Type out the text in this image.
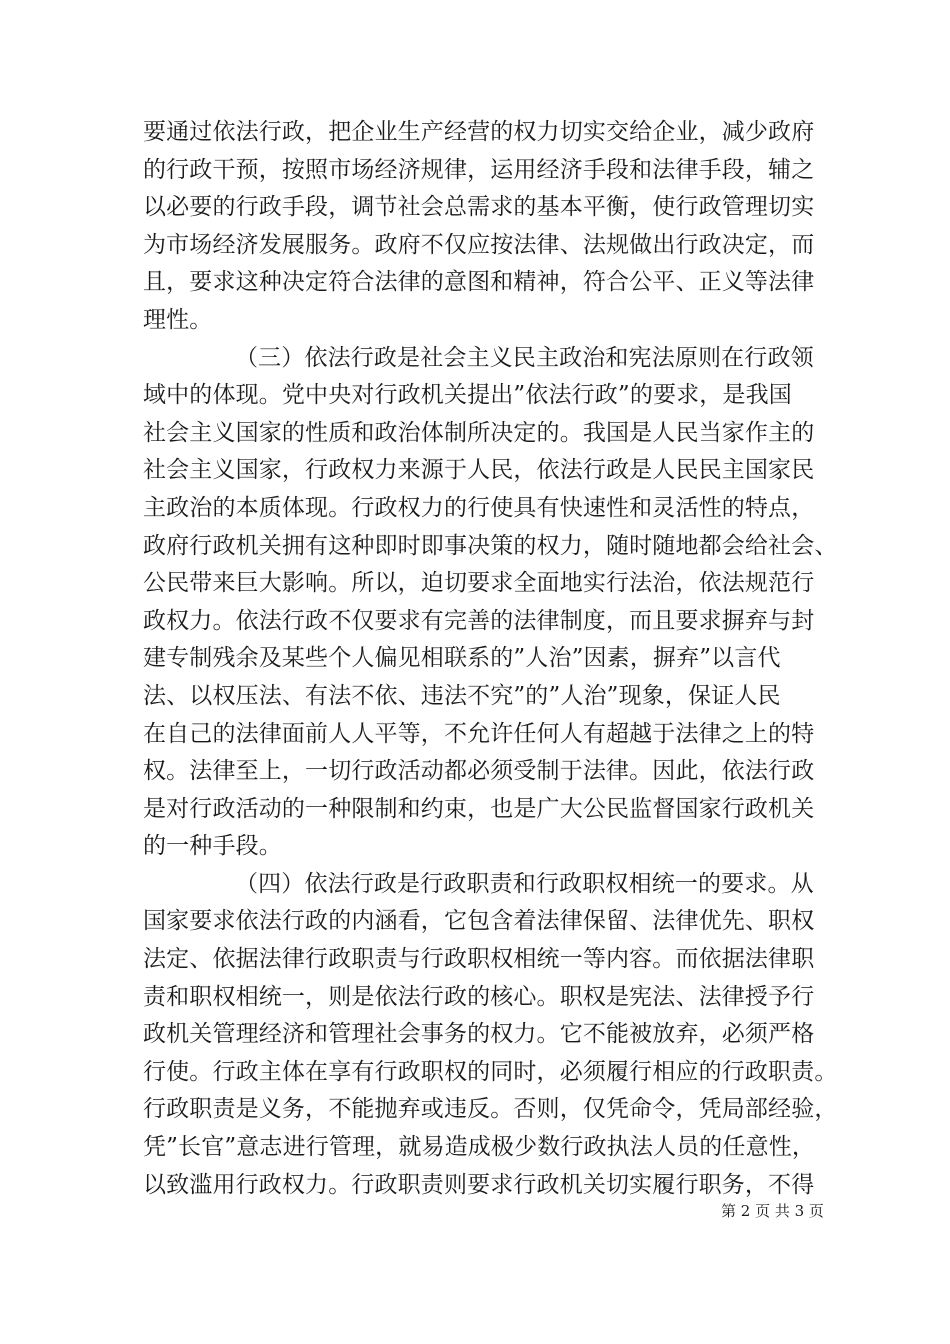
要通过依法行政，把企业生产经营的权力切实交给企业，减少政府
的行政干预，按照市场经济规律，运用经济手段和法律手段，辅之
以必要的行政手段，调节社会总需求的基本平衡，使行政管理切实
为市场经济发展服务。政府不仅应按法律、法规做出行政决定，而
且，要求这种决定符合法律的意图和精神，符合公平、正义等法律
理性。
（三）依法行政是社会主义民主政治和宪法原则在行政领
域中的体现。党中央对行政机关提出”依法行政”的要求，是我国
社会主义国家的性质和政治体制所决定的。我国是人民当家作主的
社会主义国家，行政权力来源于人民，依法行政是人民民主国家民
主政治的本质体现。行政权力的行使具有快速性和灵活性的特点，
政府行政机关拥有这种即时即事决策的权力，随时随地都会给社会、
公民带来巨大影响。所以，迫切要求全面地实行法治，依法规范行
政权力。依法行政不仅要求有完善的法律制度，而且要求摒弃与封
建专制残余及某些个人偏见相联系的”人治”因素，摒弃”以言代
法、以权压法、有法不依、违法不究”的”人治”现象，保证人民
在自己的法律面前人人平等，不允许任何人有超越于法律之上的特
权。法律至上，一切行政活动都必须受制于法律。因此，依法行政
是对行政活动的一种限制和约束，也是广大公民监督国家行政机关
的一种手段。
（四）依法行政是行政职责和行政职权相统一的要求。从
国家要求依法行政的内涵看，它包含着法律保留、法律优先、职权
法定、依据法律行政职责与行政职权相统一等内容。而依据法律职
责和职权相统一，则是依法行政的核心。职权是宪法、法律授予行
政机关管理经济和管理社会事务的权力。它不能被放弃，必须严格
行使。行政主体在享有行政职权的同时，必须履行相应的行政职责。
行政职责是义务，不能抛弃或违反。否则，仅凭命令，凭局部经验，
凭”长官”意志进行管理，就易造成极少数行政执法人员的任意性，
以致滥用行政权力。行政职责则要求行政机关切实履行职务，不得
第 2 页 共 3 页
